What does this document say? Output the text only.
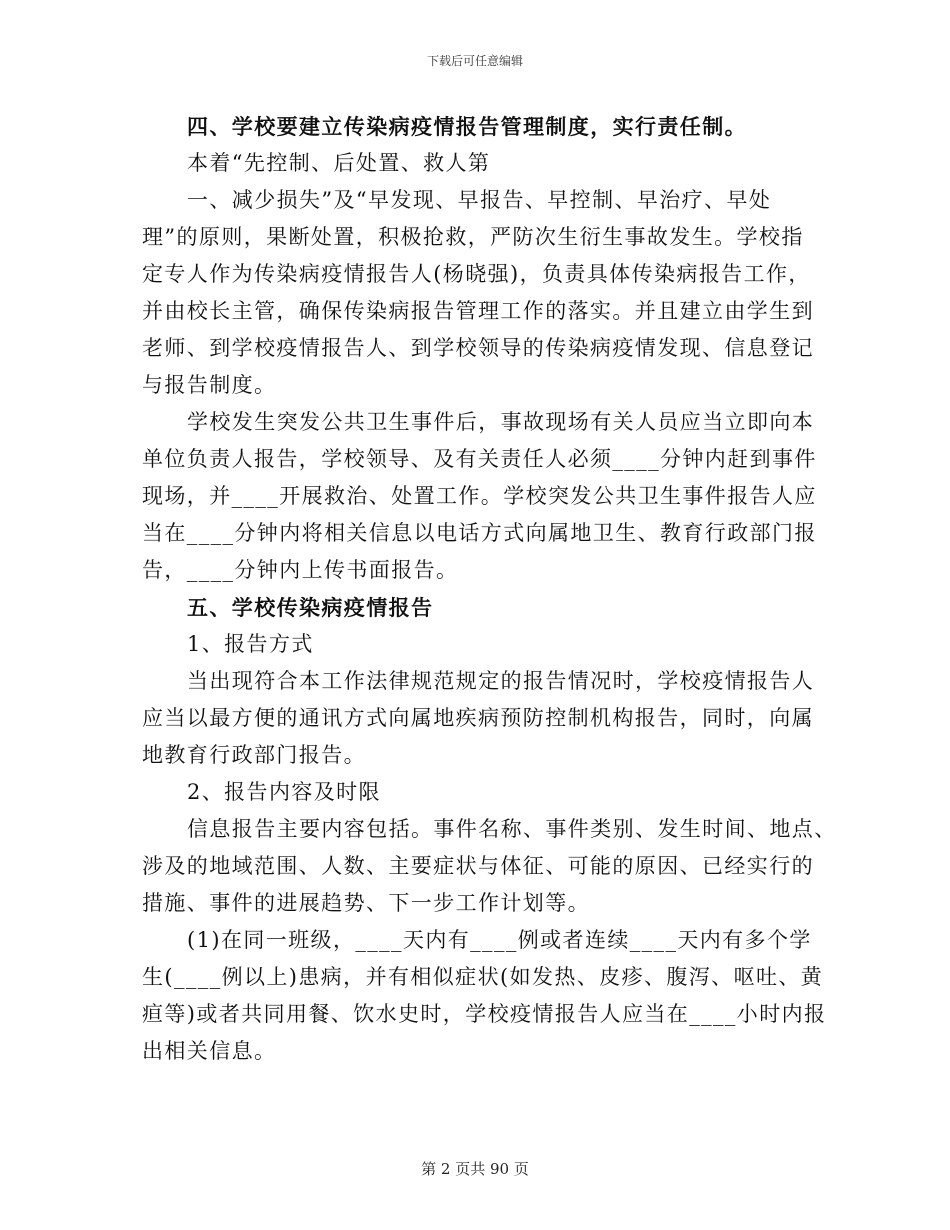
下载后可任意编辑
四、学校要建立传染病疫情报告管理制度，实行责任制。
本着“先控制、后处置、救人第
一、减少损失”及“早发现、早报告、早控制、早治疗、早处
理”的原则，果断处置，积极抢救，严防次生衍生事故发生。学校指
定专人作为传染病疫情报告人(杨晓强)，负责具体传染病报告工作，
并由校长主管，确保传染病报告管理工作的落实。并且建立由学生到
老师、到学校疫情报告人、到学校领导的传染病疫情发现、信息登记
与报告制度。
学校发生突发公共卫生事件后，事故现场有关人员应当立即向本
单位负责人报告，学校领导、及有关责任人必须____分钟内赶到事件
现场，并____开展救治、处置工作。学校突发公共卫生事件报告人应
当在____分钟内将相关信息以电话方式向属地卫生、教育行政部门报
告，____分钟内上传书面报告。
五、学校传染病疫情报告
1、报告方式
当出现符合本工作法律规范规定的报告情况时，学校疫情报告人
应当以最方便的通讯方式向属地疾病预防控制机构报告，同时，向属
地教育行政部门报告。
2、报告内容及时限
信息报告主要内容包括。事件名称、事件类别、发生时间、地点、
涉及的地域范围、人数、主要症状与体征、可能的原因、已经实行的
措施、事件的进展趋势、下一步工作计划等。
(1)在同一班级，____天内有____例或者连续____天内有多个学
生(____例以上)患病，并有相似症状(如发热、皮疹、腹泻、呕吐、黄
疸等)或者共同用餐、饮水史时，学校疫情报告人应当在____小时内报
出相关信息。
第 2 页共 90 页
